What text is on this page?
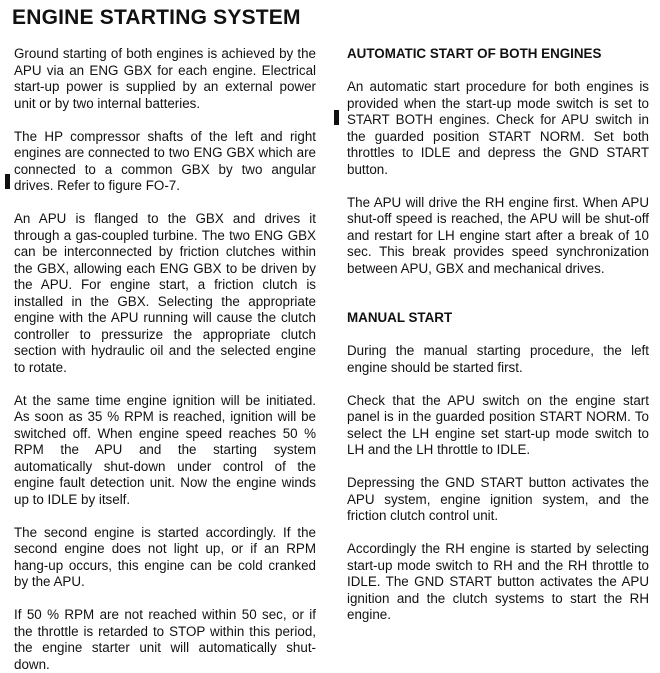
ENGINE STARTING SYSTEM

Ground starting of both engines is achieved by the APU via an ENG GBX for each engine. Electrical start-up power is supplied by an external power unit or by two internal batteries.

The HP compressor shafts of the left and right engines are connected to two ENG GBX which are connected to a common GBX by two angular drives. Refer to figure FO-7.

An APU is flanged to the GBX and drives it through a gas-coupled turbine. The two ENG GBX can be interconnected by friction clutches within the GBX, allowing each ENG GBX to be driven by the APU. For engine start, a friction clutch is installed in the GBX. Selecting the appropriate engine with the APU running will cause the clutch controller to pressurize the appropriate clutch section with hydraulic oil and the selected engine to rotate.

At the same time engine ignition will be initiated. As soon as 35 % RPM is reached, ignition will be switched off. When engine speed reaches 50 % RPM the APU and the starting system automatically shut-down under control of the engine fault detection unit. Now the engine winds up to IDLE by itself.

The second engine is started accordingly. If the second engine does not light up, or if an RPM hang-up occurs, this engine can be cold cranked by the APU.

If 50 % RPM are not reached within 50 sec, or if the throttle is retarded to STOP within this period, the engine starter unit will automatically shut-down.

AUTOMATIC START OF BOTH ENGINES

An automatic start procedure for both engines is provided when the start-up mode switch is set to START BOTH engines. Check for APU switch in the guarded position START NORM. Set both throttles to IDLE and depress the GND START button.

The APU will drive the RH engine first. When APU shut-off speed is reached, the APU will be shut-off and restart for LH engine start after a break of 10 sec. This break provides speed synchronization between APU, GBX and mechanical drives.

MANUAL START

During the manual starting procedure, the left engine should be started first.

Check that the APU switch on the engine start panel is in the guarded position START NORM. To select the LH engine set start-up mode switch to LH and the LH throttle to IDLE.

Depressing the GND START button activates the APU system, engine ignition system, and the friction clutch control unit.

Accordingly the RH engine is started by selecting start-up mode switch to RH and the RH throttle to IDLE. The GND START button activates the APU ignition and the clutch systems to start the RH engine.
